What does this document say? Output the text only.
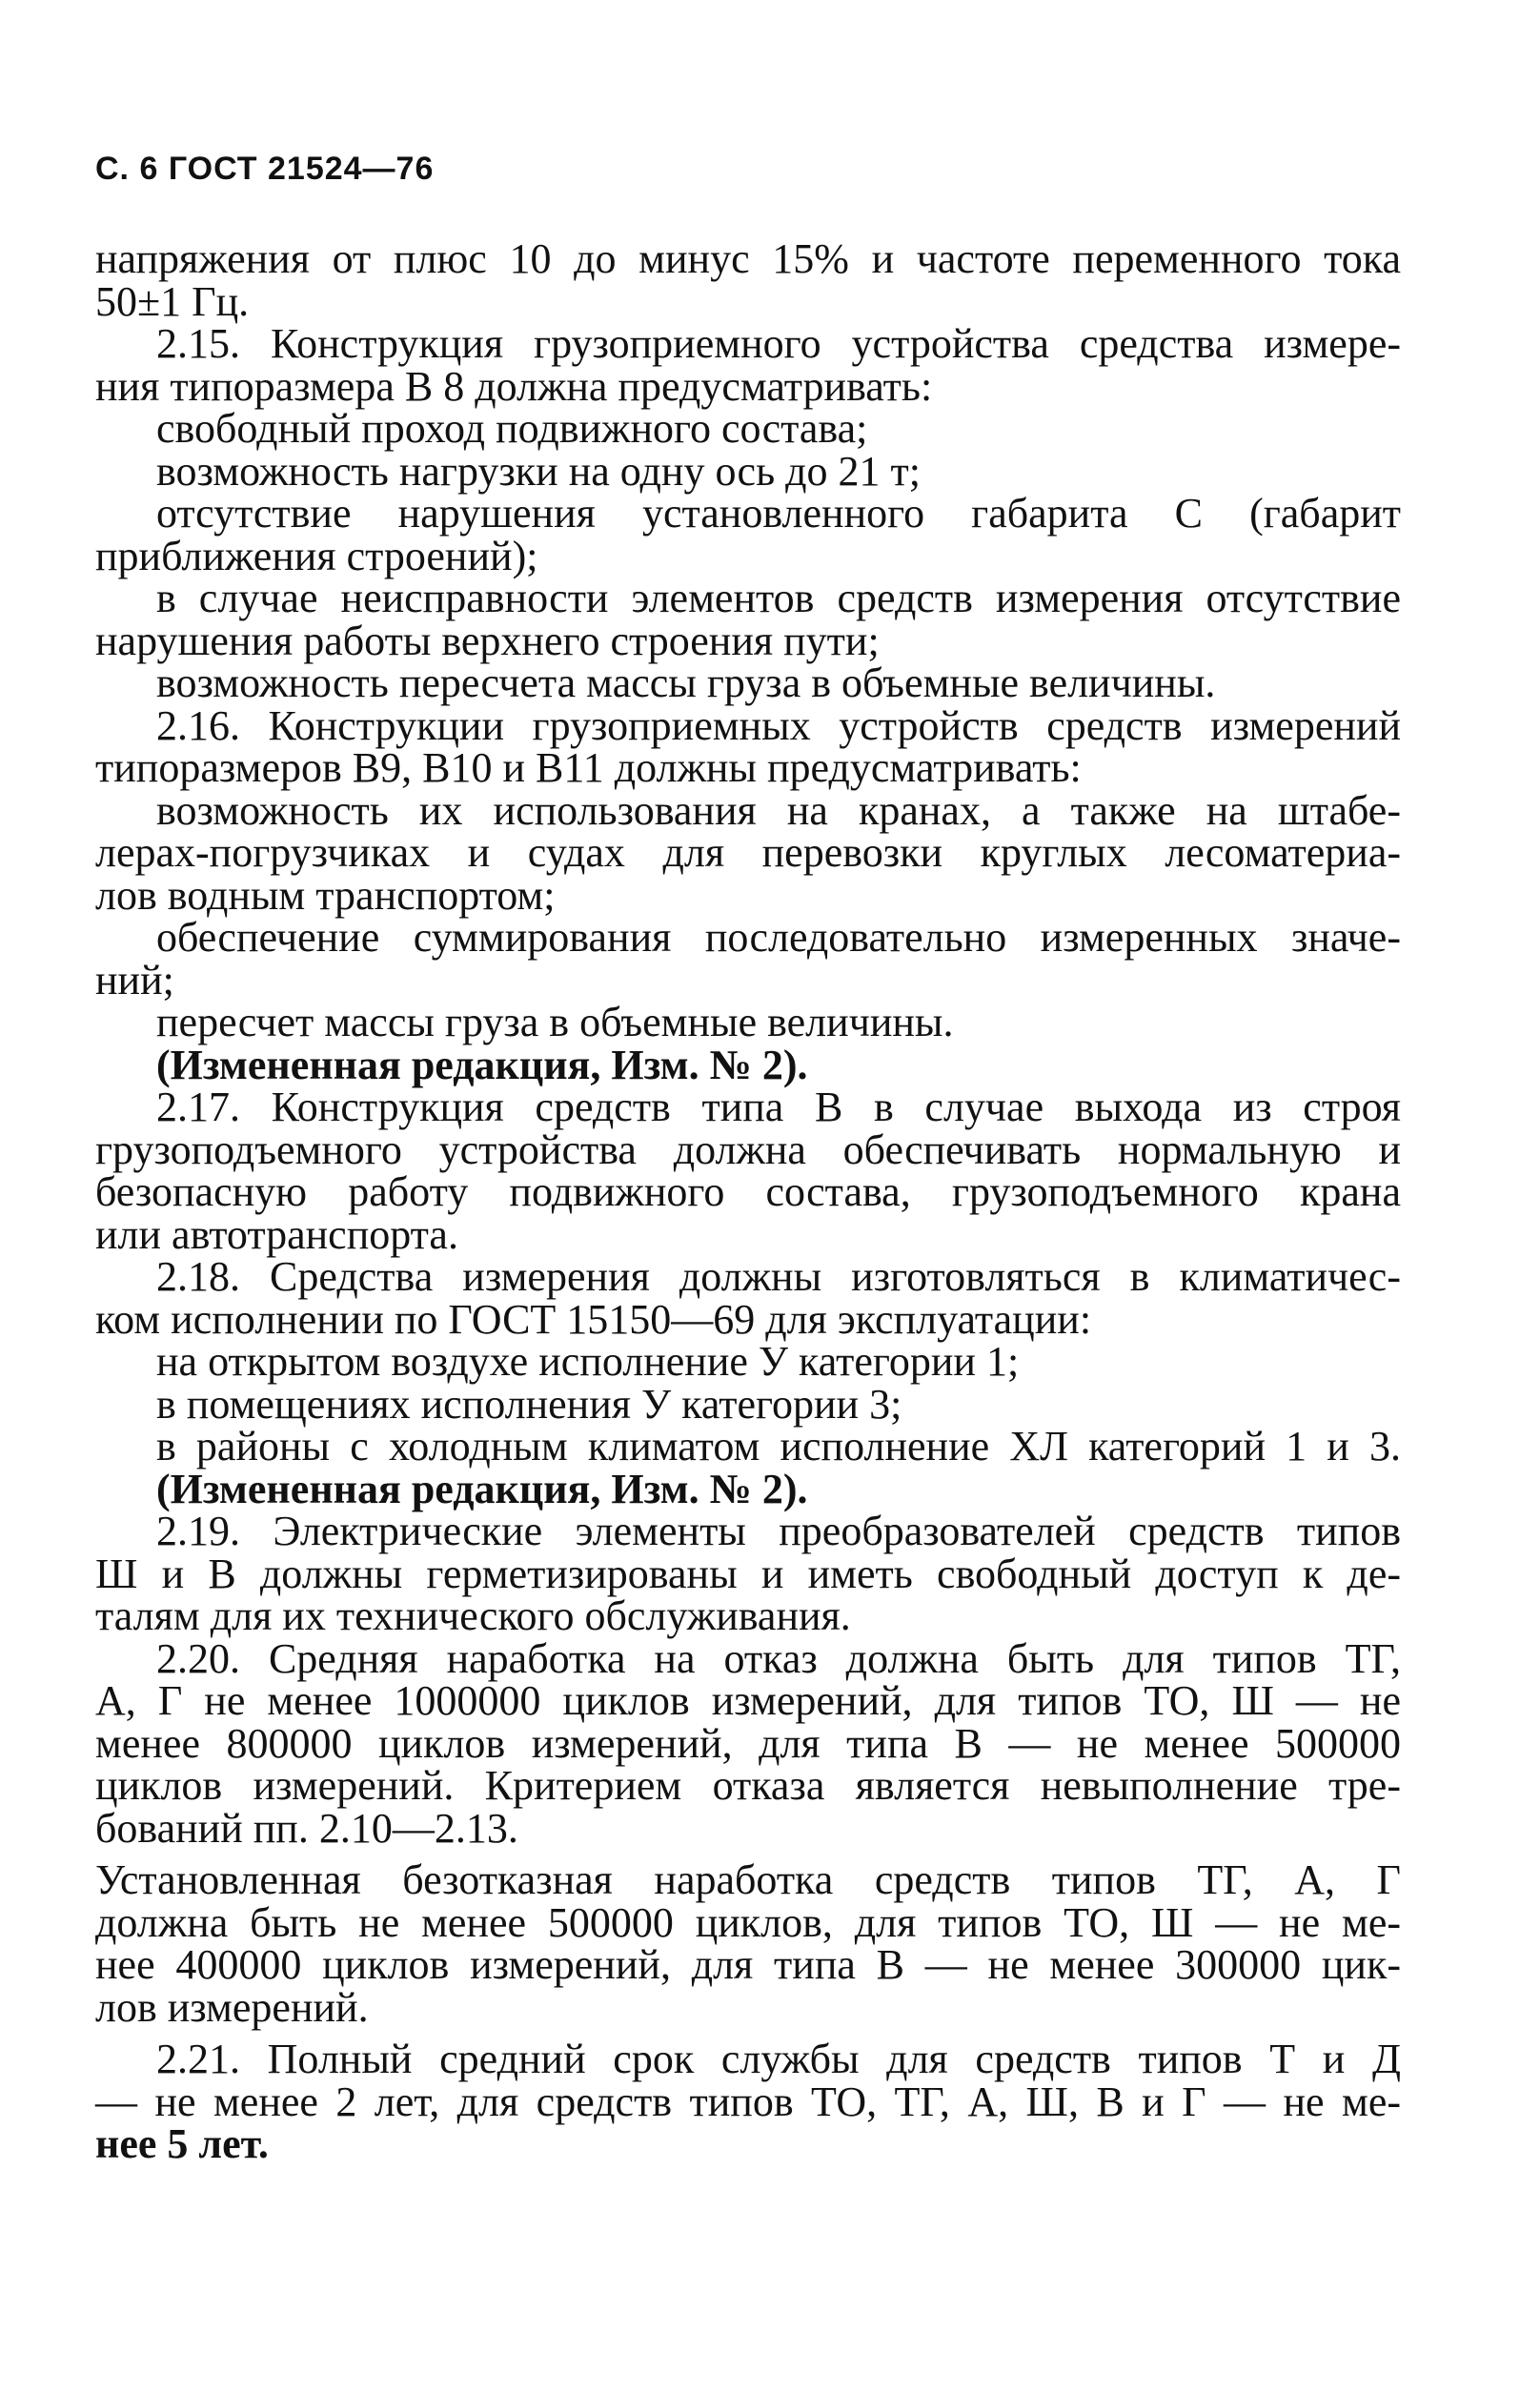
С. 6 ГОСТ 21524—76
напряжения от плюс 10 до минус 15% и частоте переменного тока
50±1 Гц.
2.15. Конструкция грузоприемного устройства средства измере-
ния типоразмера В 8 должна предусматривать:
свободный проход подвижного состава;
возможность нагрузки на одну ось до 21 т;
отсутствие нарушения установленного габарита С (габарит
приближения строений);
в случае неисправности элементов средств измерения отсутствие
нарушения работы верхнего строения пути;
возможность пересчета массы груза в объемные величины.
2.16. Конструкции грузоприемных устройств средств измерений
типоразмеров В9, В10 и В11 должны предусматривать:
возможность их использования на кранах, а также на штабе-
лерах-погрузчиках и судах для перевозки круглых лесоматериа-
лов водным транспортом;
обеспечение суммирования последовательно измеренных значе-
ний;
пересчет массы груза в объемные величины.
(Измененная редакция, Изм. № 2).
2.17. Конструкция средств типа В в случае выхода из строя
грузоподъемного устройства должна обеспечивать нормальную и
безопасную работу подвижного состава, грузоподъемного крана
или автотранспорта.
2.18. Средства измерения должны изготовляться в климатичес-
ком исполнении по ГОСТ 15150—69 для эксплуатации:
на открытом воздухе исполнение У категории 1;
в помещениях исполнения У категории 3;
в районы с холодным климатом исполнение ХЛ категорий 1 и 3.
(Измененная редакция, Изм. № 2).
2.19. Электрические элементы преобразователей средств типов
Ш и В должны герметизированы и иметь свободный доступ к де-
талям для их технического обслуживания.
2.20. Средняя наработка на отказ должна быть для типов ТГ,
А, Г не менее 1000000 циклов измерений, для типов ТО, Ш — не
менее 800000 циклов измерений, для типа В — не менее 500000
циклов измерений. Критерием отказа является невыполнение тре-
бований пп. 2.10—2.13.
Установленная безотказная наработка средств типов ТГ, А, Г
должна быть не менее 500000 циклов, для типов ТО, Ш — не ме-
нее 400000 циклов измерений, для типа В — не менее 300000 цик-
лов измерений.
2.21. Полный средний срок службы для средств типов Т и Д
— не менее 2 лет, для средств типов ТО, ТГ, А, Ш, В и Г — не ме-
нее 5 лет.
